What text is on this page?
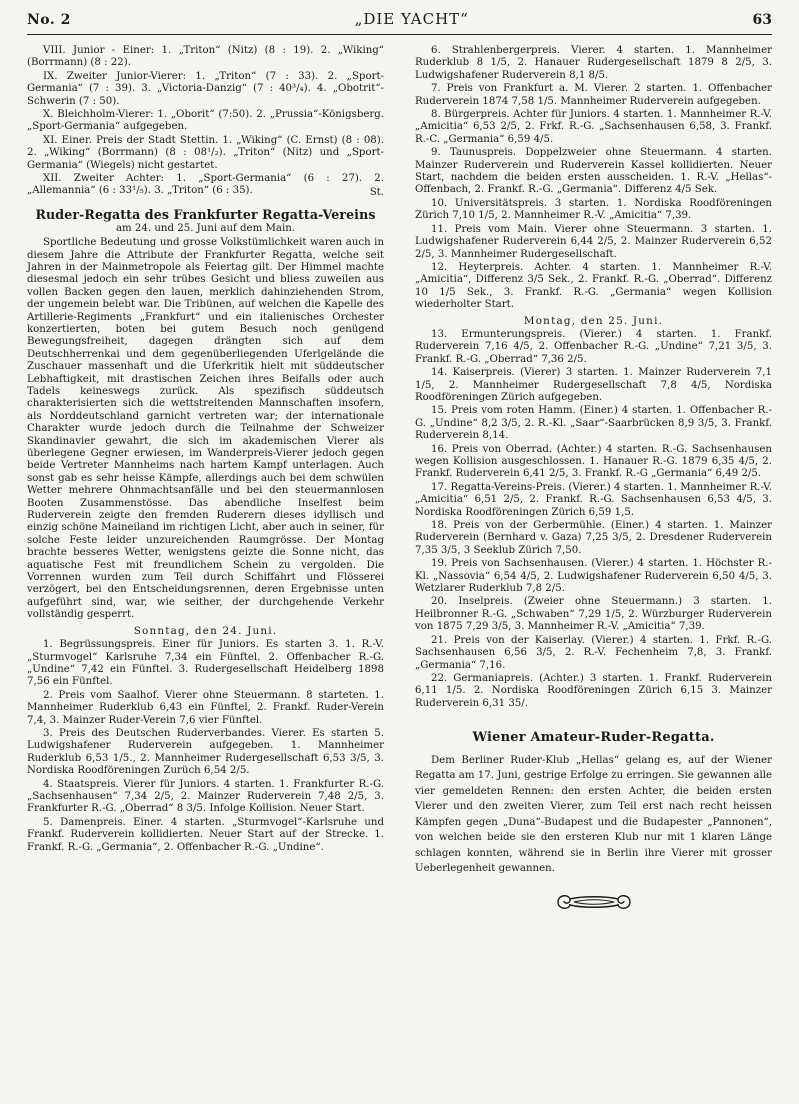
No. 2	„DIE YACHT“	63

VIII. Junior - Einer: 1. „Triton“ (Nitz) (8 : 19). 2. „Wiking“ (Borrmann) (8 : 22).

IX. Zweiter Junior-Vierer: 1. „Triton“ (7 : 33). 2. „Sport-Germania“ (7 : 39). 3. „Victoria-Danzig“ (7 : 40³/₄). 4. „Obotrit“-Schwerin (7 : 50).

X. Bleichholm-Vierer: 1. „Oborit“ (7:50). 2. „Prussia“-Königsberg. „Sport-Germania“ aufgegeben.

XI. Einer. Preis der Stadt Stettin. 1. „Wiking“ (C. Ernst) (8 : 08). 2. „Wiking“ (Borrmann) (8 : 08¹/₂). „Triton“ (Nitz) und „Sport-Germania“ (Wiegels) nicht gestartet.

XII. Zweiter Achter: 1. „Sport-Germania“ (6 : 27). 2. „Allemannia“ (6 : 33¹/₅). 3. „Triton“ (6 : 35).	St.
Ruder-Regatta des Frankfurter Regatta-Vereins
am 24. und 25. Juni auf dem Main.

Sportliche Bedeutung und grosse Volkstümlichkeit waren auch in diesem Jahre die Attribute der Frankfurter Regatta, welche seit Jahren in der Mainmetropole als Feiertag gilt. Der Himmel machte diesesmal jedoch ein sehr trübes Gesicht und bliess zuweilen aus vollen Backen gegen den lauen, merklich dahinziehenden Strom, der ungemein belebt war. Die Tribünen, auf welchen die Kapelle des Artillerie-Regiments „Frankfurt“ und ein italienisches Orchester konzertierten, boten bei gutem Besuch noch genügend Bewegungsfreiheit, dagegen drängten sich auf dem Deutschherrenkai und dem gegenüberliegenden Uferlgelände die Zuschauer massenhaft und die Uferkritik hielt mit süddeutscher Lebhaftigkeit, mit drastischen Zeichen ihres Beifalls oder auch Tadels keineswegs zurück. Als spezifisch süddeutsch charakterisierten sich die wettstreitenden Mannschaften insofern, als Norddeutschland garnicht vertreten war; der internationale Charakter wurde jedoch durch die Teilnahme der Schweizer Skandinavier gewahrt, die sich im akademischen Vierer als überlegene Gegner erwiesen, im Wanderpreis-Vierer jedoch gegen beide Vertreter Mannheims nach hartem Kampf unterlagen. Auch sonst gab es sehr heisse Kämpfe, allerdings auch bei dem schwülen Wetter mehrere Ohnmachtsanfälle und bei den steuermannlosen Booten Zusammenstösse. Das abendliche Inselfest beim Ruderverein zeigte den fremden Ruderern dieses idyllisch und einzig schöne Maineiland im richtigen Licht, aber auch in seiner, für solche Feste leider unzureichenden Raumgrösse. Der Montag brachte besseres Wetter, wenigstens geizte die Sonne nicht, das aquatische Fest mit freundlichem Schein zu vergolden. Die Vorrennen wurden zum Teil durch Schiffahrt und Flösserei verzögert, bei den Entscheidungsrennen, deren Ergebnisse unten aufgeführt sind, war, wie seither, der durchgehende Verkehr vollständig gesperrt.

Sonntag, den 24. Juni.

1. Begrüssungspreis. Einer für Juniors. Es starten 3. 1. R.-V. „Sturmvogel“ Karlsruhe 7,34 ein Fünftel. 2. Offenbacher R.-G. „Undine“ 7,42 ein Fünftel. 3. Rudergesellschaft Heidelberg 1898 7,56 ein Fünftel.

2. Preis vom Saalhof. Vierer ohne Steuermann. 8 starteten. 1. Mannheimer Ruderklub 6,43 ein Fünftel, 2. Frankf. Ruder-Verein 7,4, 3. Mainzer Ruder-Verein 7,6 vier Fünftel.

3. Preis des Deutschen Ruderverbandes. Vierer. Es starten 5. Ludwigshafener Ruderverein aufgegeben. 1. Mannheimer Ruderklub 6,53 1/5., 2. Mannheimer Rudergesellschaft 6,53 3/5, 3. Nordiska Roodföreningen Zurüch 6,54 2/5.

4. Staatspreis. Vierer für Juniors. 4 starten. 1. Frankfurter R.-G. „Sachsenhausen“ 7,34 2/5, 2. Mainzer Ruderverein 7,48 2/5, 3. Frankfurter R.-G. „Oberrad“ 8 3/5. Infolge Kollision. Neuer Start.

5. Damenpreis. Einer. 4 starten. „Sturmvogel“-Karlsruhe und Frankf. Ruderverein kollidierten. Neuer Start auf der Strecke. 1. Frankf. R.-G. „Germania“, 2. Offenbacher R.-G. „Undine“.

6. Strahlenbergerpreis. Vierer. 4 starten. 1. Mannheimer Ruderklub 8 1/5, 2. Hanauer Rudergesellschaft 1879 8 2/5, 3. Ludwigshafener Ruderverein 8,1 8/5.

7. Preis von Frankfurt a. M. Vierer. 2 starten. 1. Offenbacher Ruderverein 1874 7,58 1/5. Mannheimer Ruderverein aufgegeben.

8. Bürgerpreis. Achter für Juniors. 4 starten. 1. Mannheimer R.-V. „Amicitia“ 6,53 2/5, 2. Frkf. R.-G. „Sachsenhausen 6,58, 3. Frankf. R.-C. „Germania“ 6,59 4/5.

9. Taunuspreis. Doppelzweier ohne Steuermann. 4 starten. Mainzer Ruderverein und Ruderverein Kassel kollidierten. Neuer Start, nachdem die beiden ersten ausscheiden. 1. R.-V. „Hellas“-Offenbach, 2. Frankf. R.-G. „Germania“. Differenz 4/5 Sek.

10. Universitätspreis. 3 starten. 1. Nordiska Roodföreningen Zürich 7,10 1/5, 2. Mannheimer R.-V. „Amicitia“ 7,39.

11. Preis vom Main. Vierer ohne Steuermann. 3 starten. 1. Ludwigshafener Ruderverein 6,44 2/5, 2. Mainzer Ruderverein 6,52 2/5, 3. Mannheimer Rudergesellschaft.

12. Heyterpreis. Achter. 4 starten. 1. Mannheimer R.-V. „Amicitia“, Differenz 3/5 Sek., 2. Frankf. R.-G. „Oberrad“. Differenz 10 1/5 Sek., 3. Frankf. R.-G. „Germania“ wegen Kollision wiederholter Start.

Montag, den 25. Juni.

13. Ermunterungspreis. (Vierer.) 4 starten. 1. Frankf. Ruderverein 7,16 4/5, 2. Offenbacher R.-G. „Undine“ 7,21 3/5, 3. Frankf. R.-G. „Oberrad“ 7,36 2/5.

14. Kaiserpreis. (Vierer) 3 starten. 1. Mainzer Ruderverein 7,1 1/5, 2. Mannheimer Rudergesellschaft 7,8 4/5, Nordiska Roodföreningen Zürich aufgegeben.

15. Preis vom roten Hamm. (Einer.) 4 starten. 1. Offenbacher R.-G. „Undine“ 8,2 3/5, 2. R.-Kl. „Saar“-Saarbrücken 8,9 3/5, 3. Frankf. Ruderverein 8,14.

16. Preis von Oberrad. (Achter.) 4 starten. R.-G. Sachsenhausen wegen Kollision ausgeschlossen. 1. Hanauer R.-G. 1879 6,35 4/5, 2. Frankf. Ruderverein 6,41 2/5, 3. Frankf. R.-G „Germania“ 6,49 2/5.

17. Regatta-Vereins-Preis. (Vierer.) 4 starten. 1. Mannheimer R.-V. „Amicitia“ 6,51 2/5, 2. Frankf. R.-G. Sachsenhausen 6,53 4/5, 3. Nordiska Roodföreningen Zürich 6,59 1,5.

18. Preis von der Gerbermühle. (Einer.) 4 starten. 1. Mainzer Ruderverein (Bernhard v. Gaza) 7,25 3/5, 2. Dresdener Ruderverein 7,35 3/5, 3 Seeklub Zürich 7,50.

19. Preis von Sachsenhausen. (Vierer.) 4 starten. 1. Höchster R.-Kl. „Nassovia“ 6,54 4/5, 2. Ludwigshafener Ruderverein 6,50 4/5, 3. Wetzlarer Ruderklub 7,8 2/5.

20. Inselpreis. (Zweier ohne Steuermann.) 3 starten. 1. Heilbronner R.-G. „Schwaben“ 7,29 1/5, 2. Würzburger Ruderverein von 1875 7,29 3/5, 3. Mannheimer R.-V. „Amicitia“ 7,39.

21. Preis von der Kaiserlay. (Vierer.) 4 starten. 1. Frkf. R.-G. Sachsenhausen 6,56 3/5, 2. R.-V. Fechenheim 7,8, 3. Frankf. „Germania“ 7,16.

22. Germaniapreis. (Achter.) 3 starten. 1. Frankf. Ruderverein 6,11 1/5. 2. Nordiska Roodföreningen Zürich 6,15 3. Mainzer Ruderverein 6,31 35/.

Wiener Amateur-Ruder-Regatta.

Dem Berliner Ruder-Klub „Hellas“ gelang es, auf der Wiener Regatta am 17. Juni, gestrige Erfolge zu erringen. Sie gewannen alle vier gemeldeten Rennen: den ersten Achter, die beiden ersten Vierer und den zweiten Vierer, zum Teil erst nach recht heissen Kämpfen gegen „Duna“-Budapest und die Budapester „Pannonen“, von welchen beide sie den ersteren Klub nur mit 1 klaren Länge schlagen konnten, während sie in Berlin ihre Vierer mit grosser Ueberlegenheit gewannen.
